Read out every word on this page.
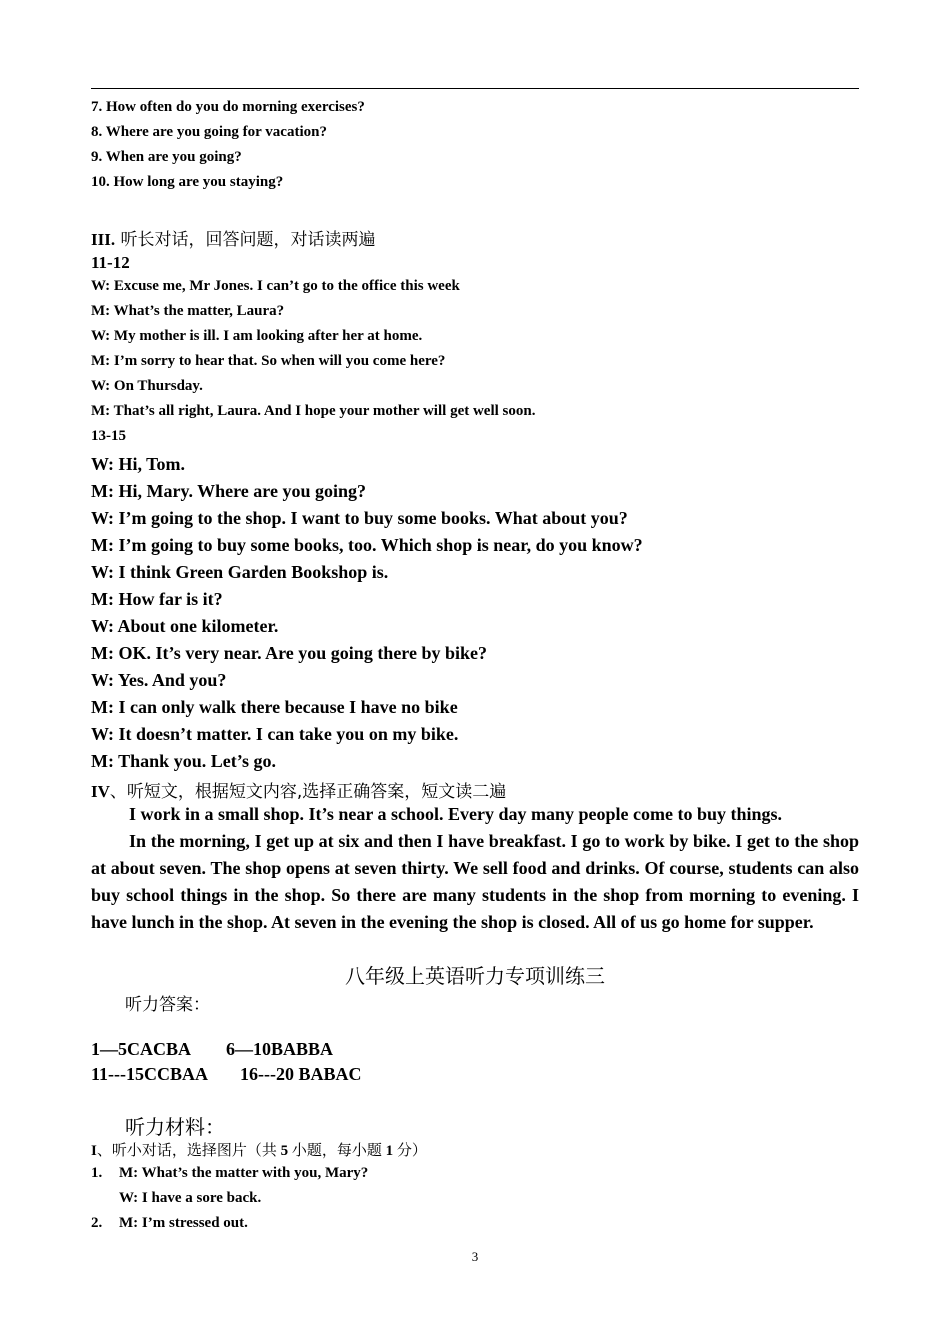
7. How often do you do morning exercises?
8. Where are you going for vacation?
9. When are you going?
10. How long are you staying?
III. 听长对话，回答问题，对话读两遍
11-12
W: Excuse me, Mr Jones. I can’t go to the office this week
M: What’s the matter, Laura?
W: My mother is ill. I am looking after her at home.
M: I’m sorry to hear that. So when will you come here?
W: On Thursday.
M: That’s all right, Laura. And I hope your mother will get well soon.
13-15
W: Hi, Tom.
M: Hi, Mary. Where are you going?
W: I’m going to the shop. I want to buy some books. What about you?
M: I’m going to buy some books, too. Which shop is near, do you know?
W: I think Green Garden Bookshop is.
M: How far is it?
W: About one kilometer.
M: OK. It’s very near. Are you going there by bike?
W: Yes. And you?
M: I can only walk there because I have no bike
W: It doesn’t matter. I can take you on my bike.
M: Thank you. Let’s go.
IV、听短文，根据短文内容,选择正确答案，短文读二遍

I work in a small shop. It’s near a school. Every day many people come to buy things.

In the morning, I get up at six and then I have breakfast. I go to work by bike. I get to the shop at about seven. The shop opens at seven thirty. We sell food and drinks. Of course, students can also buy school things in the shop. So there are many students in the shop from morning to evening. I have lunch in the shop. At seven in the evening the shop is closed. All of us go home for supper.

八年级上英语听力专项训练三
听力答案：
1—5CACBA 6—10BABBA
11---15CCBAA 16---20 BABAC
听力材料：
I、听小对话，选择图片（共 5 小题，每小题 1 分）
1. M: What’s the matter with you, Mary?
W: I have a sore back.
2. M: I’m stressed out.
3
